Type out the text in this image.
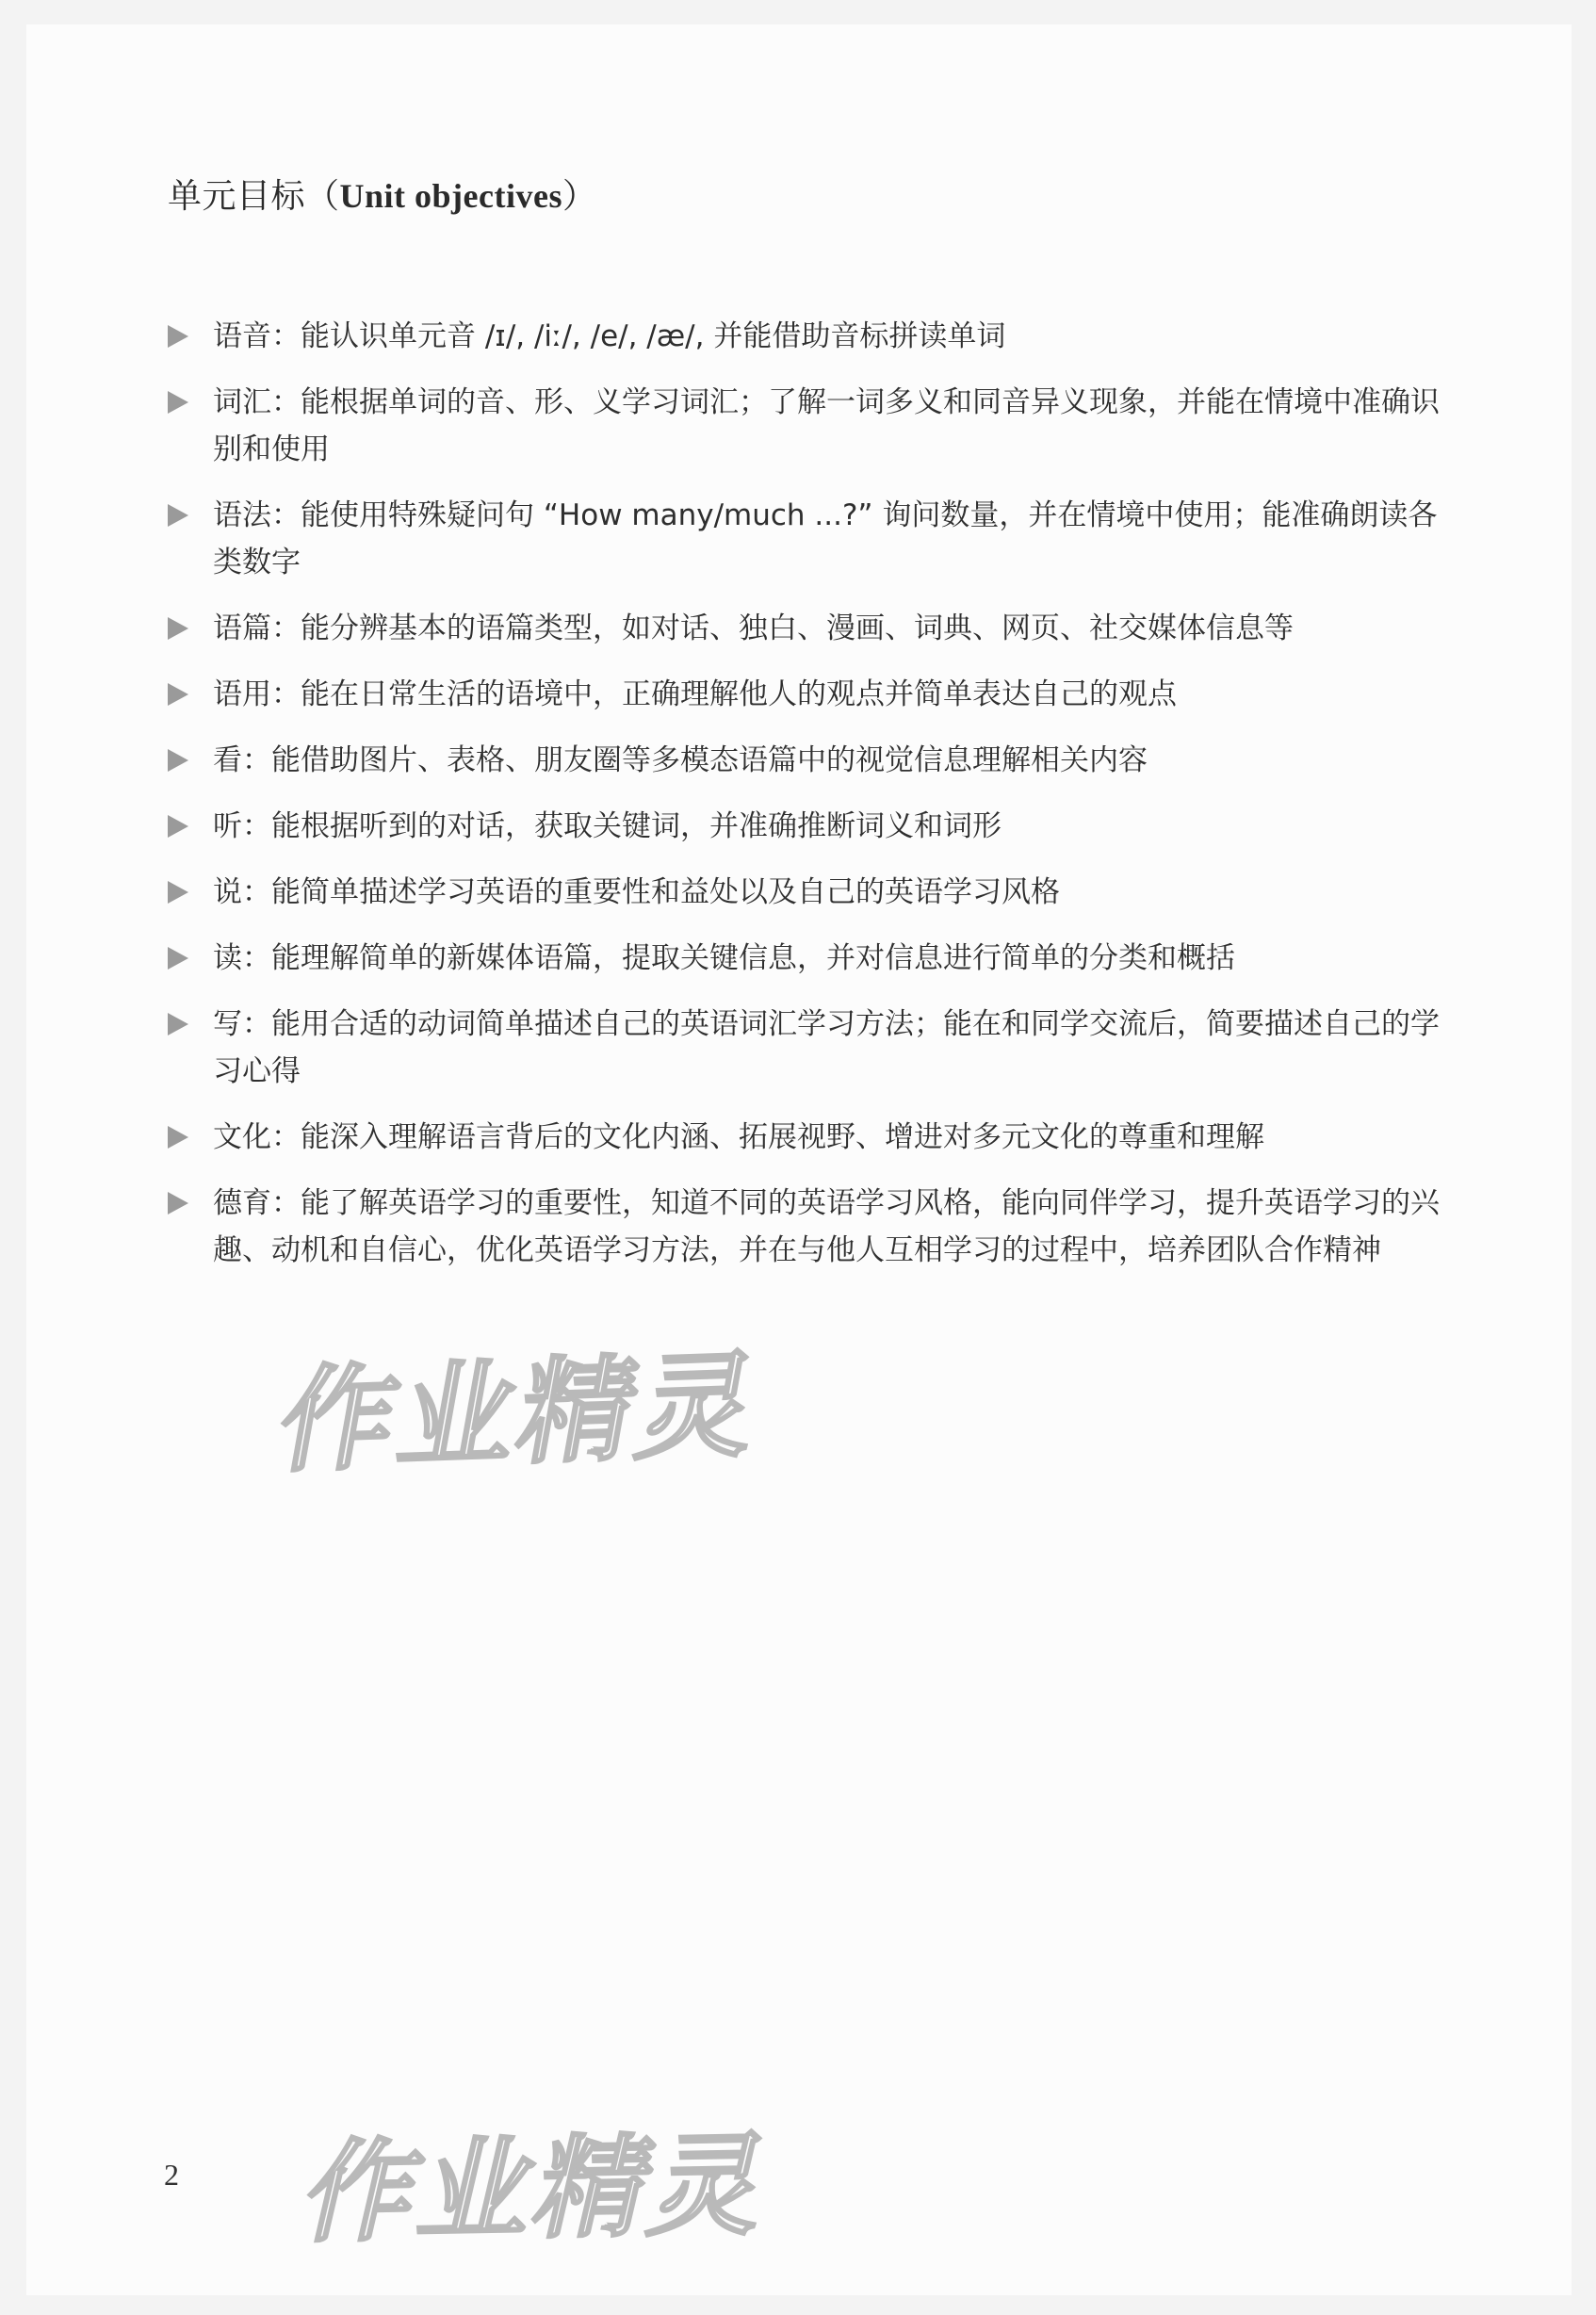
单元目标（Unit objectives）
语音：能认识单元音 /ɪ/, /iː/, /e/, /æ/, 并能借助音标拼读单词
词汇：能根据单词的音、形、义学习词汇；了解一词多义和同音异义现象，并能在情境中准确识别和使用
语法：能使用特殊疑问句 “How many/much ...?” 询问数量，并在情境中使用；能准确朗读各类数字
语篇：能分辨基本的语篇类型，如对话、独白、漫画、词典、网页、社交媒体信息等
语用：能在日常生活的语境中，正确理解他人的观点并简单表达自己的观点
看：能借助图片、表格、朋友圈等多模态语篇中的视觉信息理解相关内容
听：能根据听到的对话，获取关键词，并准确推断词义和词形
说：能简单描述学习英语的重要性和益处以及自己的英语学习风格
读：能理解简单的新媒体语篇，提取关键信息，并对信息进行简单的分类和概括
写：能用合适的动词简单描述自己的英语词汇学习方法；能在和同学交流后，简要描述自己的学习心得
文化：能深入理解语言背后的文化内涵、拓展视野、增进对多元文化的尊重和理解
德育：能了解英语学习的重要性，知道不同的英语学习风格，能向同伴学习，提升英语学习的兴趣、动机和自信心，优化英语学习方法，并在与他人互相学习的过程中，培养团队合作精神
作业精灵
作业精灵
2
